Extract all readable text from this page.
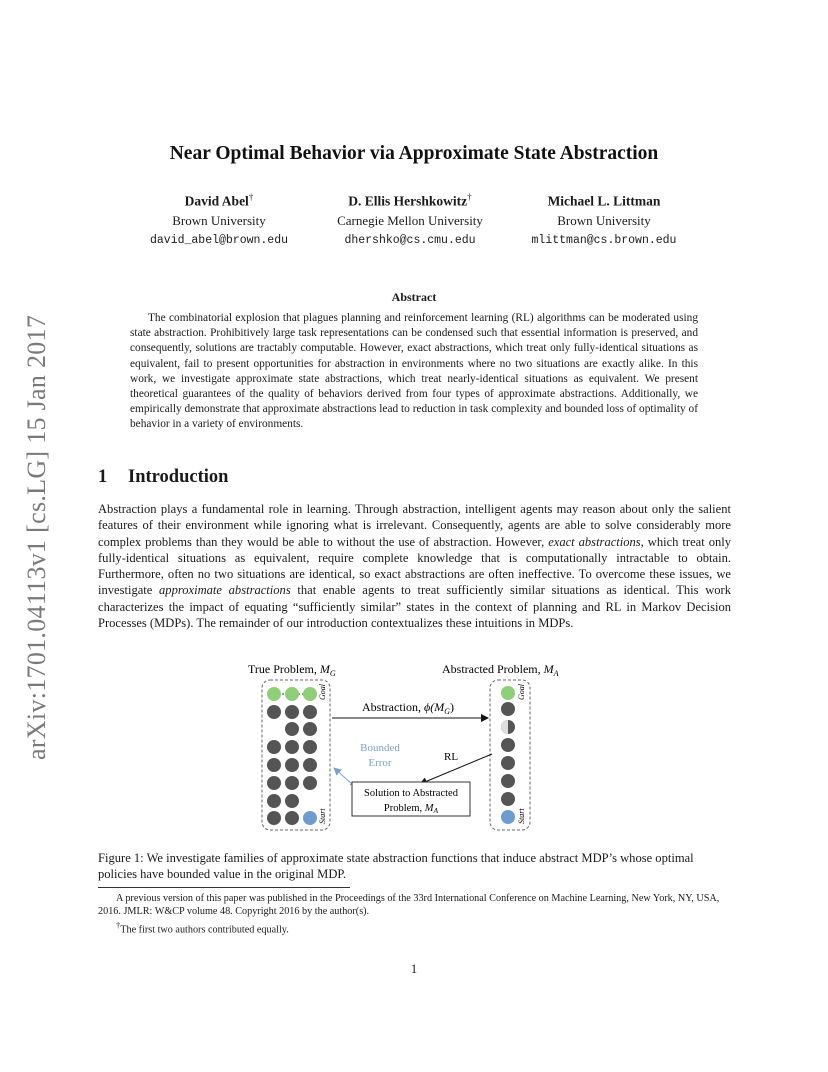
arXiv:1701.04113v1 [cs.LG] 15 Jan 2017
Near Optimal Behavior via Approximate State Abstraction
David Abel†
Brown University
david_abel@brown.edu
D. Ellis Hershkowitz†
Carnegie Mellon University
dhershko@cs.cmu.edu
Michael L. Littman
Brown University
mlittman@cs.brown.edu
Abstract

The combinatorial explosion that plagues planning and reinforcement learning (RL) algorithms can be moderated using state abstraction. Prohibitively large task representations can be condensed such that essential information is preserved, and consequently, solutions are tractably computable. However, exact abstractions, which treat only fully-identical situations as equivalent, fail to present opportunities for abstraction in environments where no two situations are exactly alike. In this work, we investigate approximate state abstractions, which treat nearly-identical situations as equivalent. We present theoretical guarantees of the quality of behaviors derived from four types of approximate abstractions. Additionally, we empirically demonstrate that approximate abstractions lead to reduction in task complexity and bounded loss of optimality of behavior in a variety of environments.

1 Introduction

Abstraction plays a fundamental role in learning. Through abstraction, intelligent agents may reason about only the salient features of their environment while ignoring what is irrelevant. Consequently, agents are able to solve considerably more complex problems than they would be able to without the use of abstraction. However, exact abstractions, which treat only fully-identical situations as equivalent, require complete knowledge that is computationally intractable to obtain. Furthermore, often no two situations are identical, so exact abstractions are often ineffective. To overcome these issues, we investigate approximate abstractions that enable agents to treat sufficiently similar situations as identical. This work characterizes the impact of equating “sufficiently similar” states in the context of planning and RL in Markov Decision Processes (MDPs). The remainder of our introduction contextualizes these intuitions in MDPs.

True Problem, $M_G$	Abstracted Problem, $M_A$
Goal
Start
Goal
Start
Abstraction, $\phi(M_G)$
RL
Bounded
Error
Solution to Abstracted
Problem, MA

Figure 1: We investigate families of approximate state abstraction functions that induce abstract MDP’s whose optimal policies have bounded value in the original MDP.

A previous version of this paper was published in the Proceedings of the 33rd International Conference on Machine Learning, New York, NY, USA, 2016. JMLR: W&CP volume 48. Copyright 2016 by the author(s).

†The first two authors contributed equally.

1
